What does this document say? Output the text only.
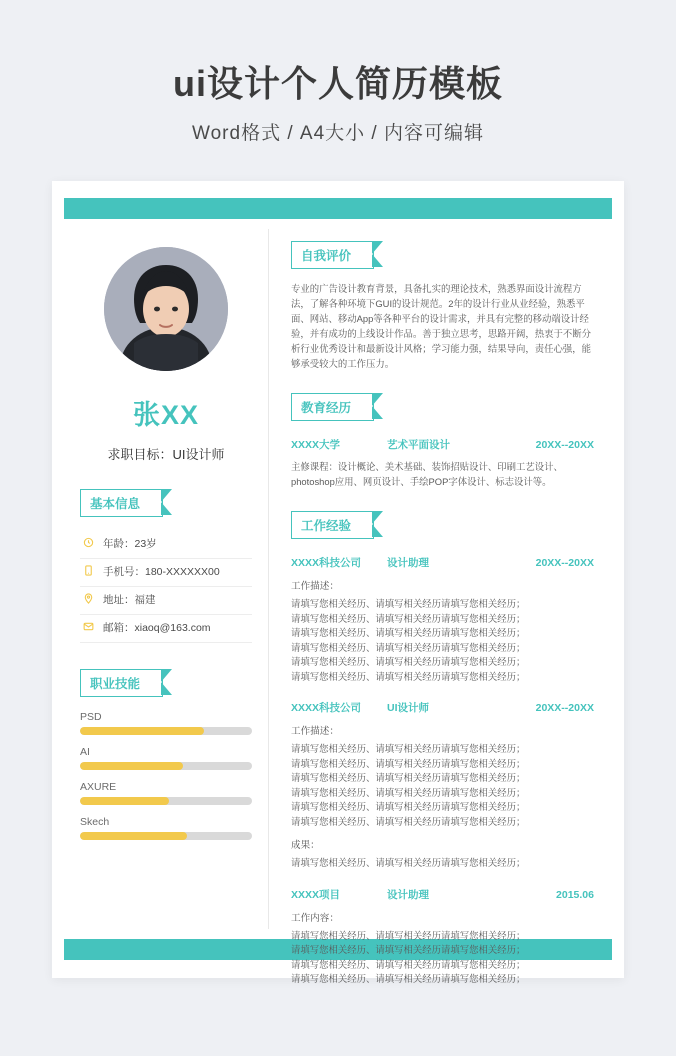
ui设计个人简历模板
Word格式 / A4大小 / 内容可编辑
张XX
求职目标：UI设计师
基本信息
年龄：23岁
手机号：180-XXXXXX00
地址：福建
邮箱：xiaoq@163.com
职业技能
PSD
AI
AXURE
Skech
自我评价
专业的广告设计教育背景，具备扎实的理论技术，熟悉界面设计流程方法，了解各种环境下GUI的设计规范。2年的设计行业从业经验，熟悉平面、网站、移动App等各种平台的设计需求，并具有完整的移动端设计经验，并有成功的上线设计作品。善于独立思考，思路开阔，热衷于不断分析行业优秀设计和最新设计风格；学习能力强，结果导向，责任心强，能够承受较大的工作压力。
教育经历
XXXX大学	艺术平面设计	20XX--20XX
主修课程：设计概论、美术基础、装饰招贴设计、印刷工艺设计、photoshop应用、网页设计、手绘POP字体设计、标志设计等。
工作经验
XXXX科技公司	设计助理	20XX--20XX
工作描述：
请填写您相关经历、请填写相关经历请填写您相关经历；
请填写您相关经历、请填写相关经历请填写您相关经历；
请填写您相关经历、请填写相关经历请填写您相关经历；
请填写您相关经历、请填写相关经历请填写您相关经历；
请填写您相关经历、请填写相关经历请填写您相关经历；
请填写您相关经历、请填写相关经历请填写您相关经历；
XXXX科技公司	UI设计师	20XX--20XX
工作描述：
请填写您相关经历、请填写相关经历请填写您相关经历；
请填写您相关经历、请填写相关经历请填写您相关经历；
请填写您相关经历、请填写相关经历请填写您相关经历；
请填写您相关经历、请填写相关经历请填写您相关经历；
请填写您相关经历、请填写相关经历请填写您相关经历；
请填写您相关经历、请填写相关经历请填写您相关经历；
成果：
请填写您相关经历、请填写相关经历请填写您相关经历；
XXXX项目	设计助理	2015.06
工作内容：
请填写您相关经历、请填写相关经历请填写您相关经历；
请填写您相关经历、请填写相关经历请填写您相关经历；
请填写您相关经历、请填写相关经历请填写您相关经历；
请填写您相关经历、请填写相关经历请填写您相关经历；
